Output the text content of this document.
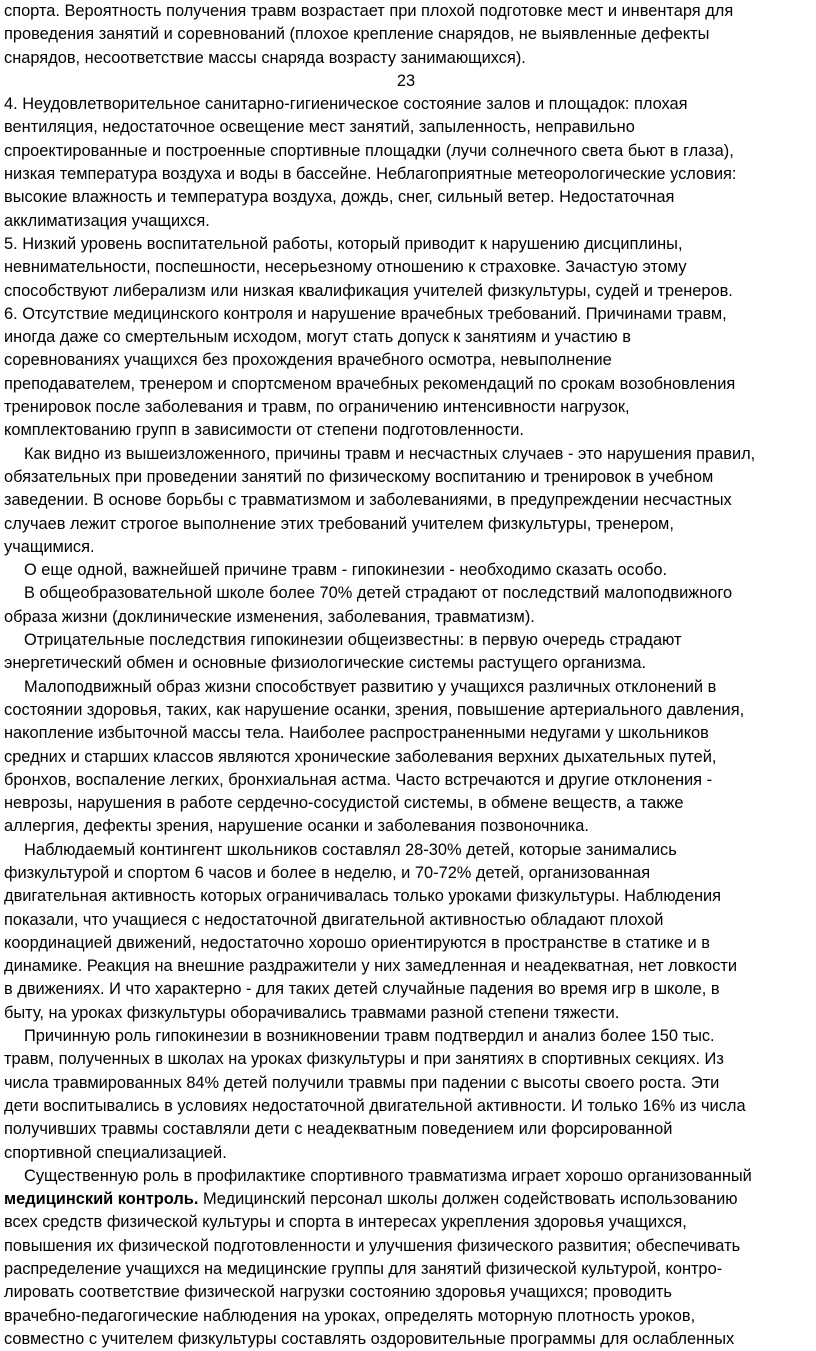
спорта. Вероятность получения травм возрастает при плохой подготовке мест и инвентаря для
проведения занятий и соревнований (плохое крепление снарядов, не выявленные дефекты
снарядов, несоответствие массы снаряда возрасту занимающихся).

23

4. Неудовлетворительное санитарно-гигиеническое состояние залов и площадок: плохая
вентиляция, недостаточное освещение мест занятий, запыленность, неправильно
спроектированные и построенные спортивные площадки (лучи солнечного света бьют в глаза),
низкая температура воздуха и воды в бассейне. Неблагоприятные метеорологические условия:
высокие влажность и температура воздуха, дождь, снег, сильный ветер. Недостаточная
акклиматизация учащихся.

5. Низкий уровень воспитательной работы, который приводит к нарушению дисциплины,
невнимательности, поспешности, несерьезному отношению к страховке. Зачастую этому
способствуют либерализм или низкая квалификация учителей физкультуры, судей и тренеров.

6. Отсутствие медицинского контроля и нарушение врачебных требований. Причинами травм,
иногда даже со смертельным исходом, могут стать допуск к занятиям и участию в
соревнованиях учащихся без прохождения врачебного осмотра, невыполнение
преподавателем, тренером и спортсменом врачебных рекомендаций по срокам возобновления
тренировок после заболевания и травм, по ограничению интенсивности нагрузок,
комплектованию групп в зависимости от степени подготовленности.

Как видно из вышеизложенного, причины травм и несчастных случаев - это нарушения правил,
обязательных при проведении занятий по физическому воспитанию и тренировок в учебном
заведении. В основе борьбы с травматизмом и заболеваниями, в предупреждении несчастных
случаев лежит строгое выполнение этих требований учителем физкультуры, тренером,
учащимися.

О еще одной, важнейшей причине травм - гипокинезии - необходимо сказать особо.

В общеобразовательной школе более 70% детей страдают от последствий малоподвижного
образа жизни (доклинические изменения, заболевания, травматизм).

Отрицательные последствия гипокинезии общеизвестны: в первую очередь страдают
энергетический обмен и основные физиологические системы растущего организма.

Малоподвижный образ жизни способствует развитию у учащихся различных отклонений в
состоянии здоровья, таких, как нарушение осанки, зрения, повышение артериального давления,
накопление избыточной массы тела. Наиболее распространенными недугами у школьников
средних и старших классов являются хронические заболевания верхних дыхательных путей,
бронхов, воспаление легких, бронхиальная астма. Часто встречаются и другие отклонения -
неврозы, нарушения в работе сердечно-сосудистой системы, в обмене веществ, а также
аллергия, дефекты зрения, нарушение осанки и заболевания позвоночника.

Наблюдаемый контингент школьников составлял 28-30% детей, которые занимались
физкультурой и спортом 6 часов и более в неделю, и 70-72% детей, организованная
двигательная активность которых ограничивалась только уроками физкультуры. Наблюдения
показали, что учащиеся с недостаточной двигательной активностью обладают плохой
координацией движений, недостаточно хорошо ориентируются в пространстве в статике и в
динамике. Реакция на внешние раздражители у них замедленная и неадекватная, нет ловкости
в движениях. И что характерно - для таких детей случайные падения во время игр в школе, в
быту, на уроках физкультуры оборачивались травмами разной степени тяжести.

Причинную роль гипокинезии в возникновении травм подтвердил и анализ более 150 тыс.
травм, полученных в школах на уроках физкультуры и при занятиях в спортивных секциях. Из
числа травмированных 84% детей получили травмы при падении с высоты своего роста. Эти
дети воспитывались в условиях недостаточной двигательной активности. И только 16% из числа
получивших травмы составляли дети с неадекватным поведением или форсированной
спортивной специализацией.

Существенную роль в профилактике спортивного травматизма играет хорошо организованный
медицинский контроль. Медицинский персонал школы должен содействовать использованию
всех средств физической культуры и спорта в интересах укрепления здоровья учащихся,
повышения их физической подготовленности и улучшения физического развития; обеспечивать
распределение учащихся на медицинские группы для занятий физической культурой, контро-
лировать соответствие физической нагрузки состоянию здоровья учащихся; проводить
врачебно-педагогические наблюдения на уроках, определять моторную плотность уроков,
совместно с учителем физкультуры составлять оздоровительные программы для ослабленных
